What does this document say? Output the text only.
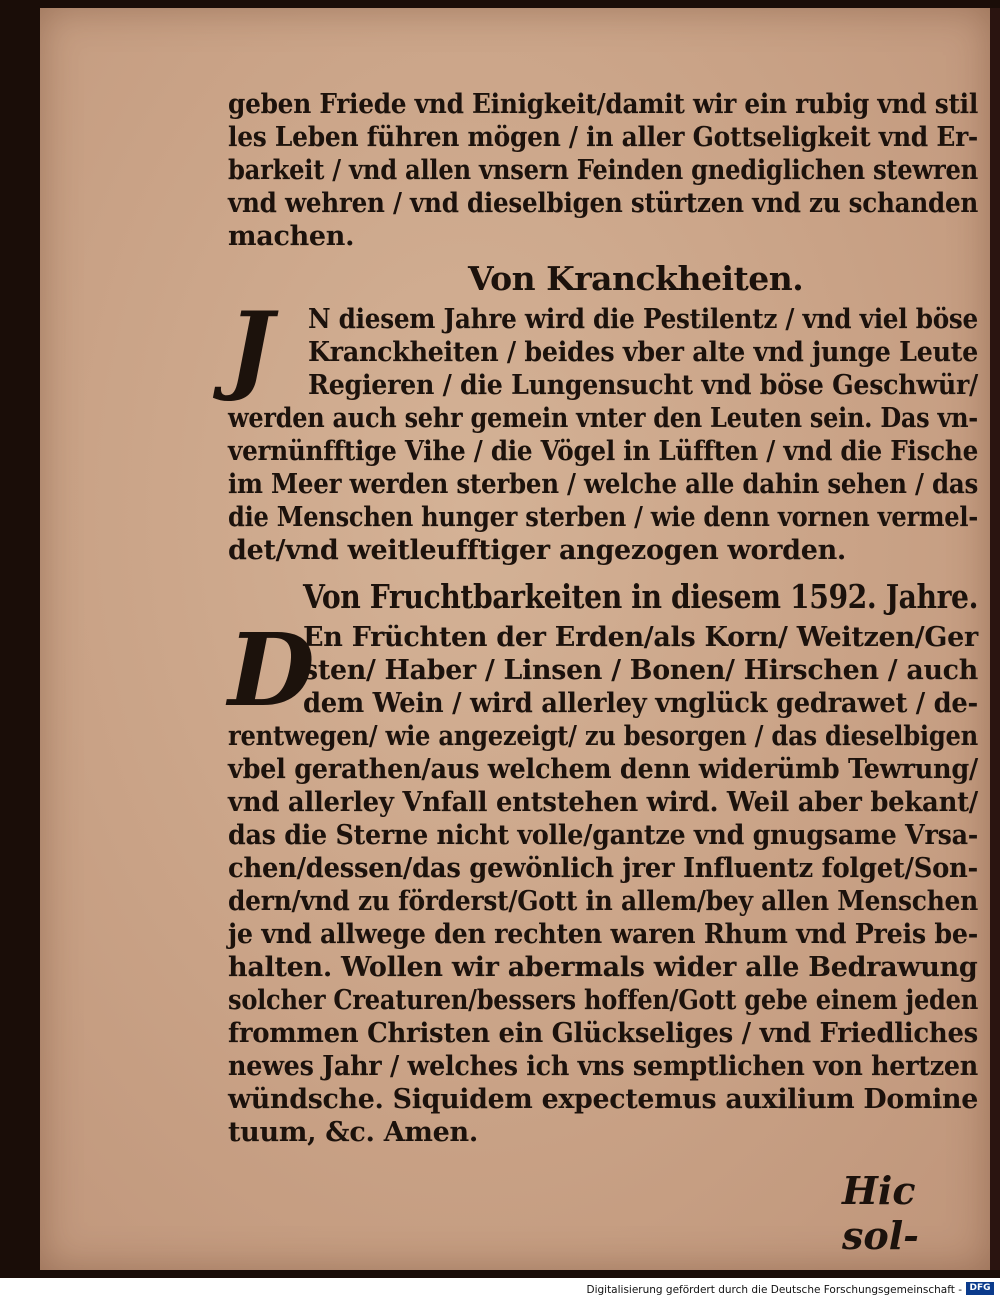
geben Friede vnd Einigkeit/damit wir ein rubig vnd stil
les Leben führen mögen / in aller Gottseligkeit vnd Er-
barkeit / vnd allen vnsern Feinden gnediglichen stewren
vnd wehren / vnd dieselbigen stürtzen vnd zu schanden
machen.
Von Kranckheiten.
N diesem Jahre wird die Pestilentz / vnd viel böse
Kranckheiten / beides vber alte vnd junge Leute
Regieren / die Lungensucht vnd böse Geschwür/
werden auch sehr gemein vnter den Leuten sein. Das vn-
vernünfftige Vihe / die Vögel in Lüfften / vnd die Fische
im Meer werden sterben / welche alle dahin sehen / das
die Menschen hunger sterben / wie denn vornen vermel-
det/vnd weitleufftiger angezogen worden.
Von Fruchtbarkeiten in diesem 1592. Jahre.
En Früchten der Erden/als Korn/ Weitzen/Ger
sten/ Haber / Linsen / Bonen/ Hirschen / auch
dem Wein / wird allerley vnglück gedrawet / de-
rentwegen/ wie angezeigt/ zu besorgen / das dieselbigen
vbel gerathen/aus welchem denn widerümb Tewrung/
vnd allerley Vnfall entstehen wird. Weil aber bekant/
das die Sterne nicht volle/gantze vnd gnugsame Vrsa-
chen/dessen/das gewönlich jrer Influentz folget/Son-
dern/vnd zu förderst/Gott in allem/bey allen Menschen
je vnd allwege den rechten waren Rhum vnd Preis be-
halten. Wollen wir abermals wider alle Bedrawung
solcher Creaturen/bessers hoffen/Gott gebe einem jeden
frommen Christen ein Glückseliges / vnd Friedliches
newes Jahr / welches ich vns semptlichen von hertzen
wündsche. Siquidem expectemus auxilium Domine
tuum, &c. Amen.
J
D
Hic sol-
Digitalisierung gefördert durch die Deutsche Forschungsgemeinschaft - DFG
